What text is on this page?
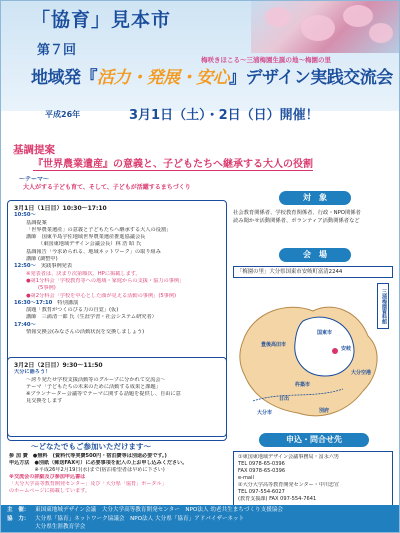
「協育」見本市
第７回
地域発『活力・発展・安心』デザイン実践交流会
梅咲きほこる～三浦梅園生誕の地～梅園の里
平成26年	3月1日（土）・2日（日）開催！
基調提案
『世界農業遺産』の意義と、子どもたちへ継承する大人の役割
～テーマ～
大人がする子ども育て、そして、子どもが活躍するまちづくり

3月1日（1日目）10:30～17:10

10:50～

基調提案

「世界農業遺産」の意義と子どもたちへ継承する大人の役割」

講師　国東半島宇佐地域世界農業遺産推進協議会長

（東国東地域デザイン会議会長）林 浩 昭 氏

基調報告「今求められる、地域ネットワーク」の取り組み

講師 (調整中)

12:50～　 実践事例発表

※発表者は、決まり次第順次、HPに掲載します。

●第1分科会「学校教育等への地域・家庭からの支援・協力の事例」

(5事例)

●第2分科会「学校を中心とした顔が見える活動の事例」(5事例)

16:30～17:10　 特別講演

演題「教育がつくのびる力の自覚」(仮)

講師　三満清一郎 氏（生涯学習・社会システム研究者）

17:40～

情報交換会(みなさんの活動状況を交換しましょう)

3月2日（2日目）9:30～11:50

大分に語ろう！

～誇り発たせ学校支援活動等のグループに分かれて交流会～

テーマ「子どもたちの未来のために活動する成果と課題」

※プランナーター会議等でテーマに関する話題を提供し、自由に意

見交換をします

対　象
社会教育関係者、学校教育関係者、行政・NPO関係者
読み聞かせ活動関係者、ボランティア活動関係者など
会　場
「梅園の里」大分県国東市安岐町富清2244
国東市
豊後高田市
杵築市
安岐
大分空港
日出
大分市	別府
三浦梅園資料館
申込・問合せ先

①東国東地域デザイン会議事務局・冨永六男

TEL 0978-65-0396

FAX 0978-65-0396

e-mail

②大分大学高等教育開発センター・中川忠宣

TEL 097-554-6027

(教育支援課) FAX 097-554-7641

～どなたでもご参加いただけます～

参 加 費　●無料　(資料代等実費500円・宿泊費等は別途必要です。)

申込方法　●別紙（郵送FAX可）に必要事項を記入の上お申し込みください。

　　　　　※平成26年2月19日(水)まで(宿泊希望者は早めに下さい)

※交流会の詳細及び参加申込書は

「大分大学高等教育開発センター」及び「大分県「協育」ポータル」

のホームページに掲載しています。

主　催： 東国東地域デザイン会議　大分大学高等教育開発センター　NPO法人 幼老共生まちづくり支援協会

協　力： 大分県「協育」ネットワーク協議会　NPO法人 大分県「協育」アドバイザーネット

大分県生涯教育学会
